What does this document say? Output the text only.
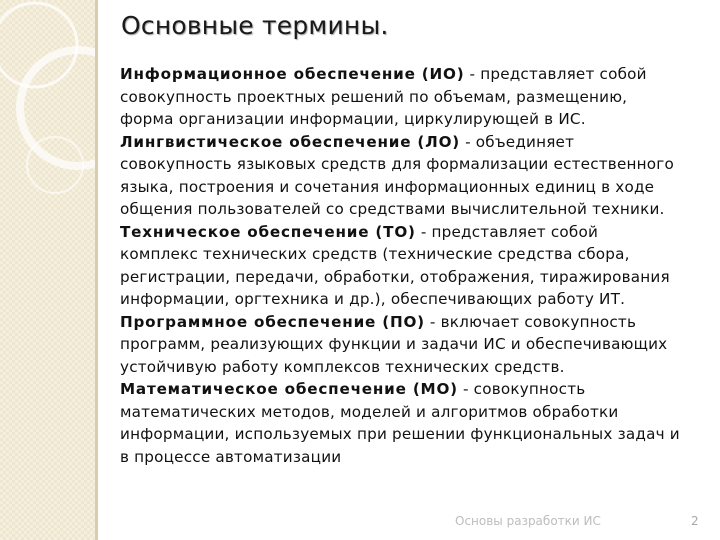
Основные термины.

Информационное обеспечение (ИО) - представляет собой совокупность проектных решений по объемам, размещению, форма организации информации, циркулирующей в ИС.

Лингвистическое обеспечение (ЛО) - объединяет совокупность языковых средств для формализации естественного языка, построения и сочетания информационных единиц в ходе общения пользователей со средствами вычислительной техники.

Техническое обеспечение (ТО) - представляет собой комплекс технических средств (технические средства сбора, регистрации, передачи, обработки, отображения, тиражирования информации, оргтехника и др.), обеспечивающих работу ИТ.

Программное обеспечение (ПО) - включает совокупность программ, реализующих функции и задачи ИС и обеспечивающих устойчивую работу комплексов технических средств.

Математическое обеспечение (МО) - совокупность математических методов, моделей и алгоритмов обработки информации, используемых при решении функциональных задач и в процессе автоматизации

Основы разработки ИС	2
